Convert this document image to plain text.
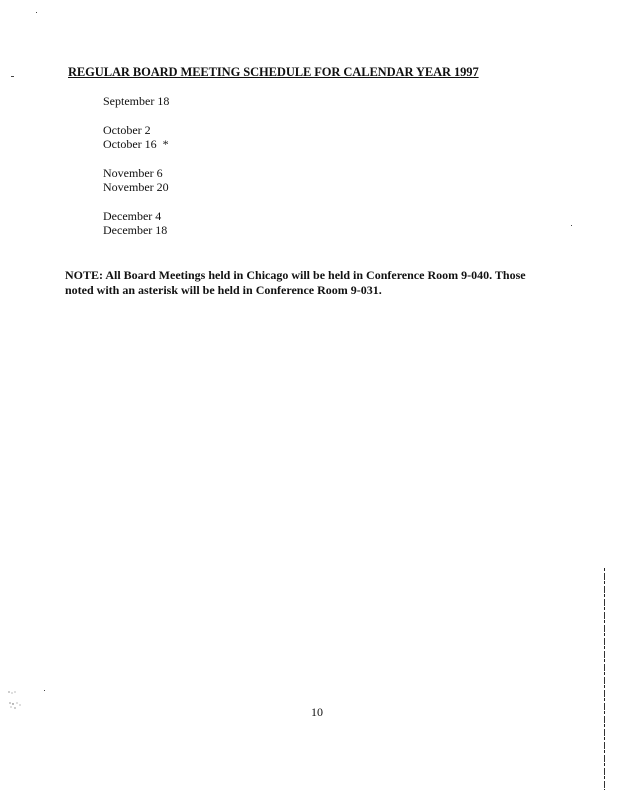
REGULAR BOARD MEETING SCHEDULE FOR CALENDAR YEAR 1997
September 18
October 2
October 16  *
November 6
November 20
December 4
December 18
NOTE: All Board Meetings held in Chicago will be held in Conference Room 9-040. Those noted with an asterisk will be held in Conference Room 9-031.
10
